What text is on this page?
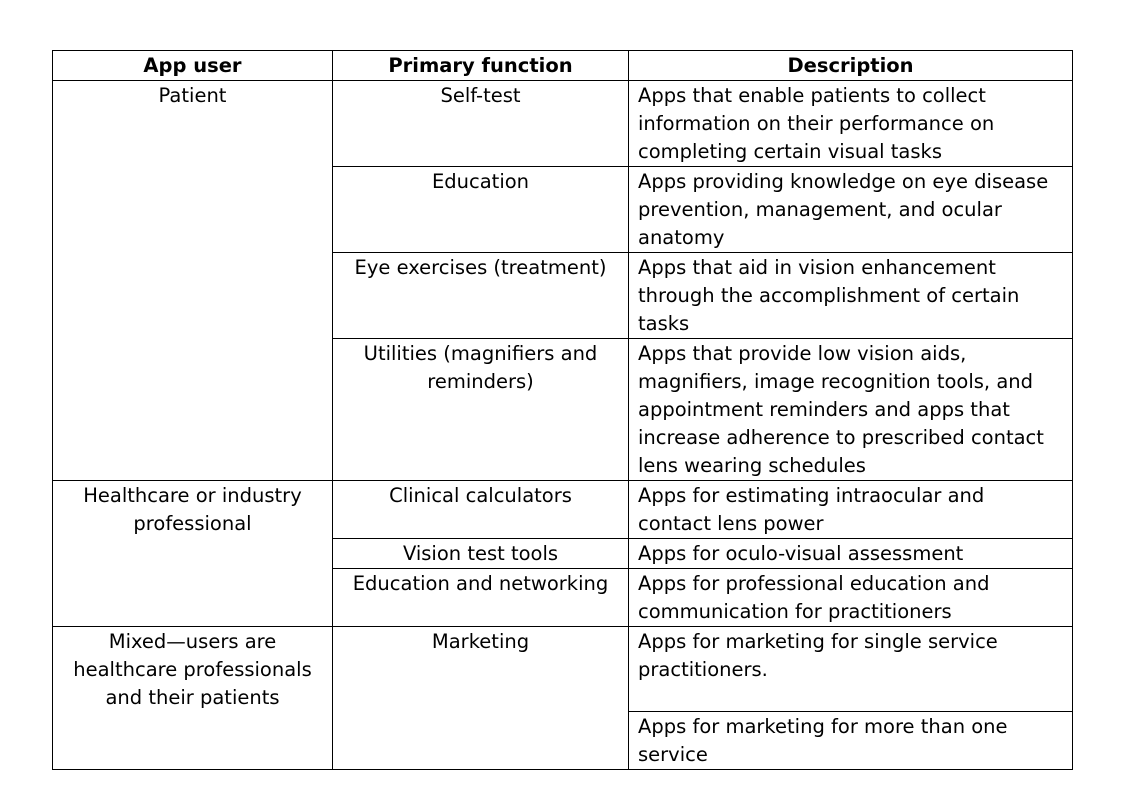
App user	Primary function	Description
Patient	Self-test	Apps that enable patients to collect information on their performance on completing certain visual tasks
	Education	Apps providing knowledge on eye disease prevention, management, and ocular anatomy
	Eye exercises (treatment)	Apps that aid in vision enhancement through the accomplishment of certain tasks
	Utilities (magnifiers and reminders)	Apps that provide low vision aids, magnifiers, image recognition tools, and appointment reminders and apps that increase adherence to prescribed contact lens wearing schedules
Healthcare or industry professional	Clinical calculators	Apps for estimating intraocular and contact lens power
	Vision test tools	Apps for oculo-visual assessment
	Education and networking	Apps for professional education and communication for practitioners
Mixed—users are healthcare professionals and their patients	Marketing	Apps for marketing for single service practitioners.
		Apps for marketing for more than one service
